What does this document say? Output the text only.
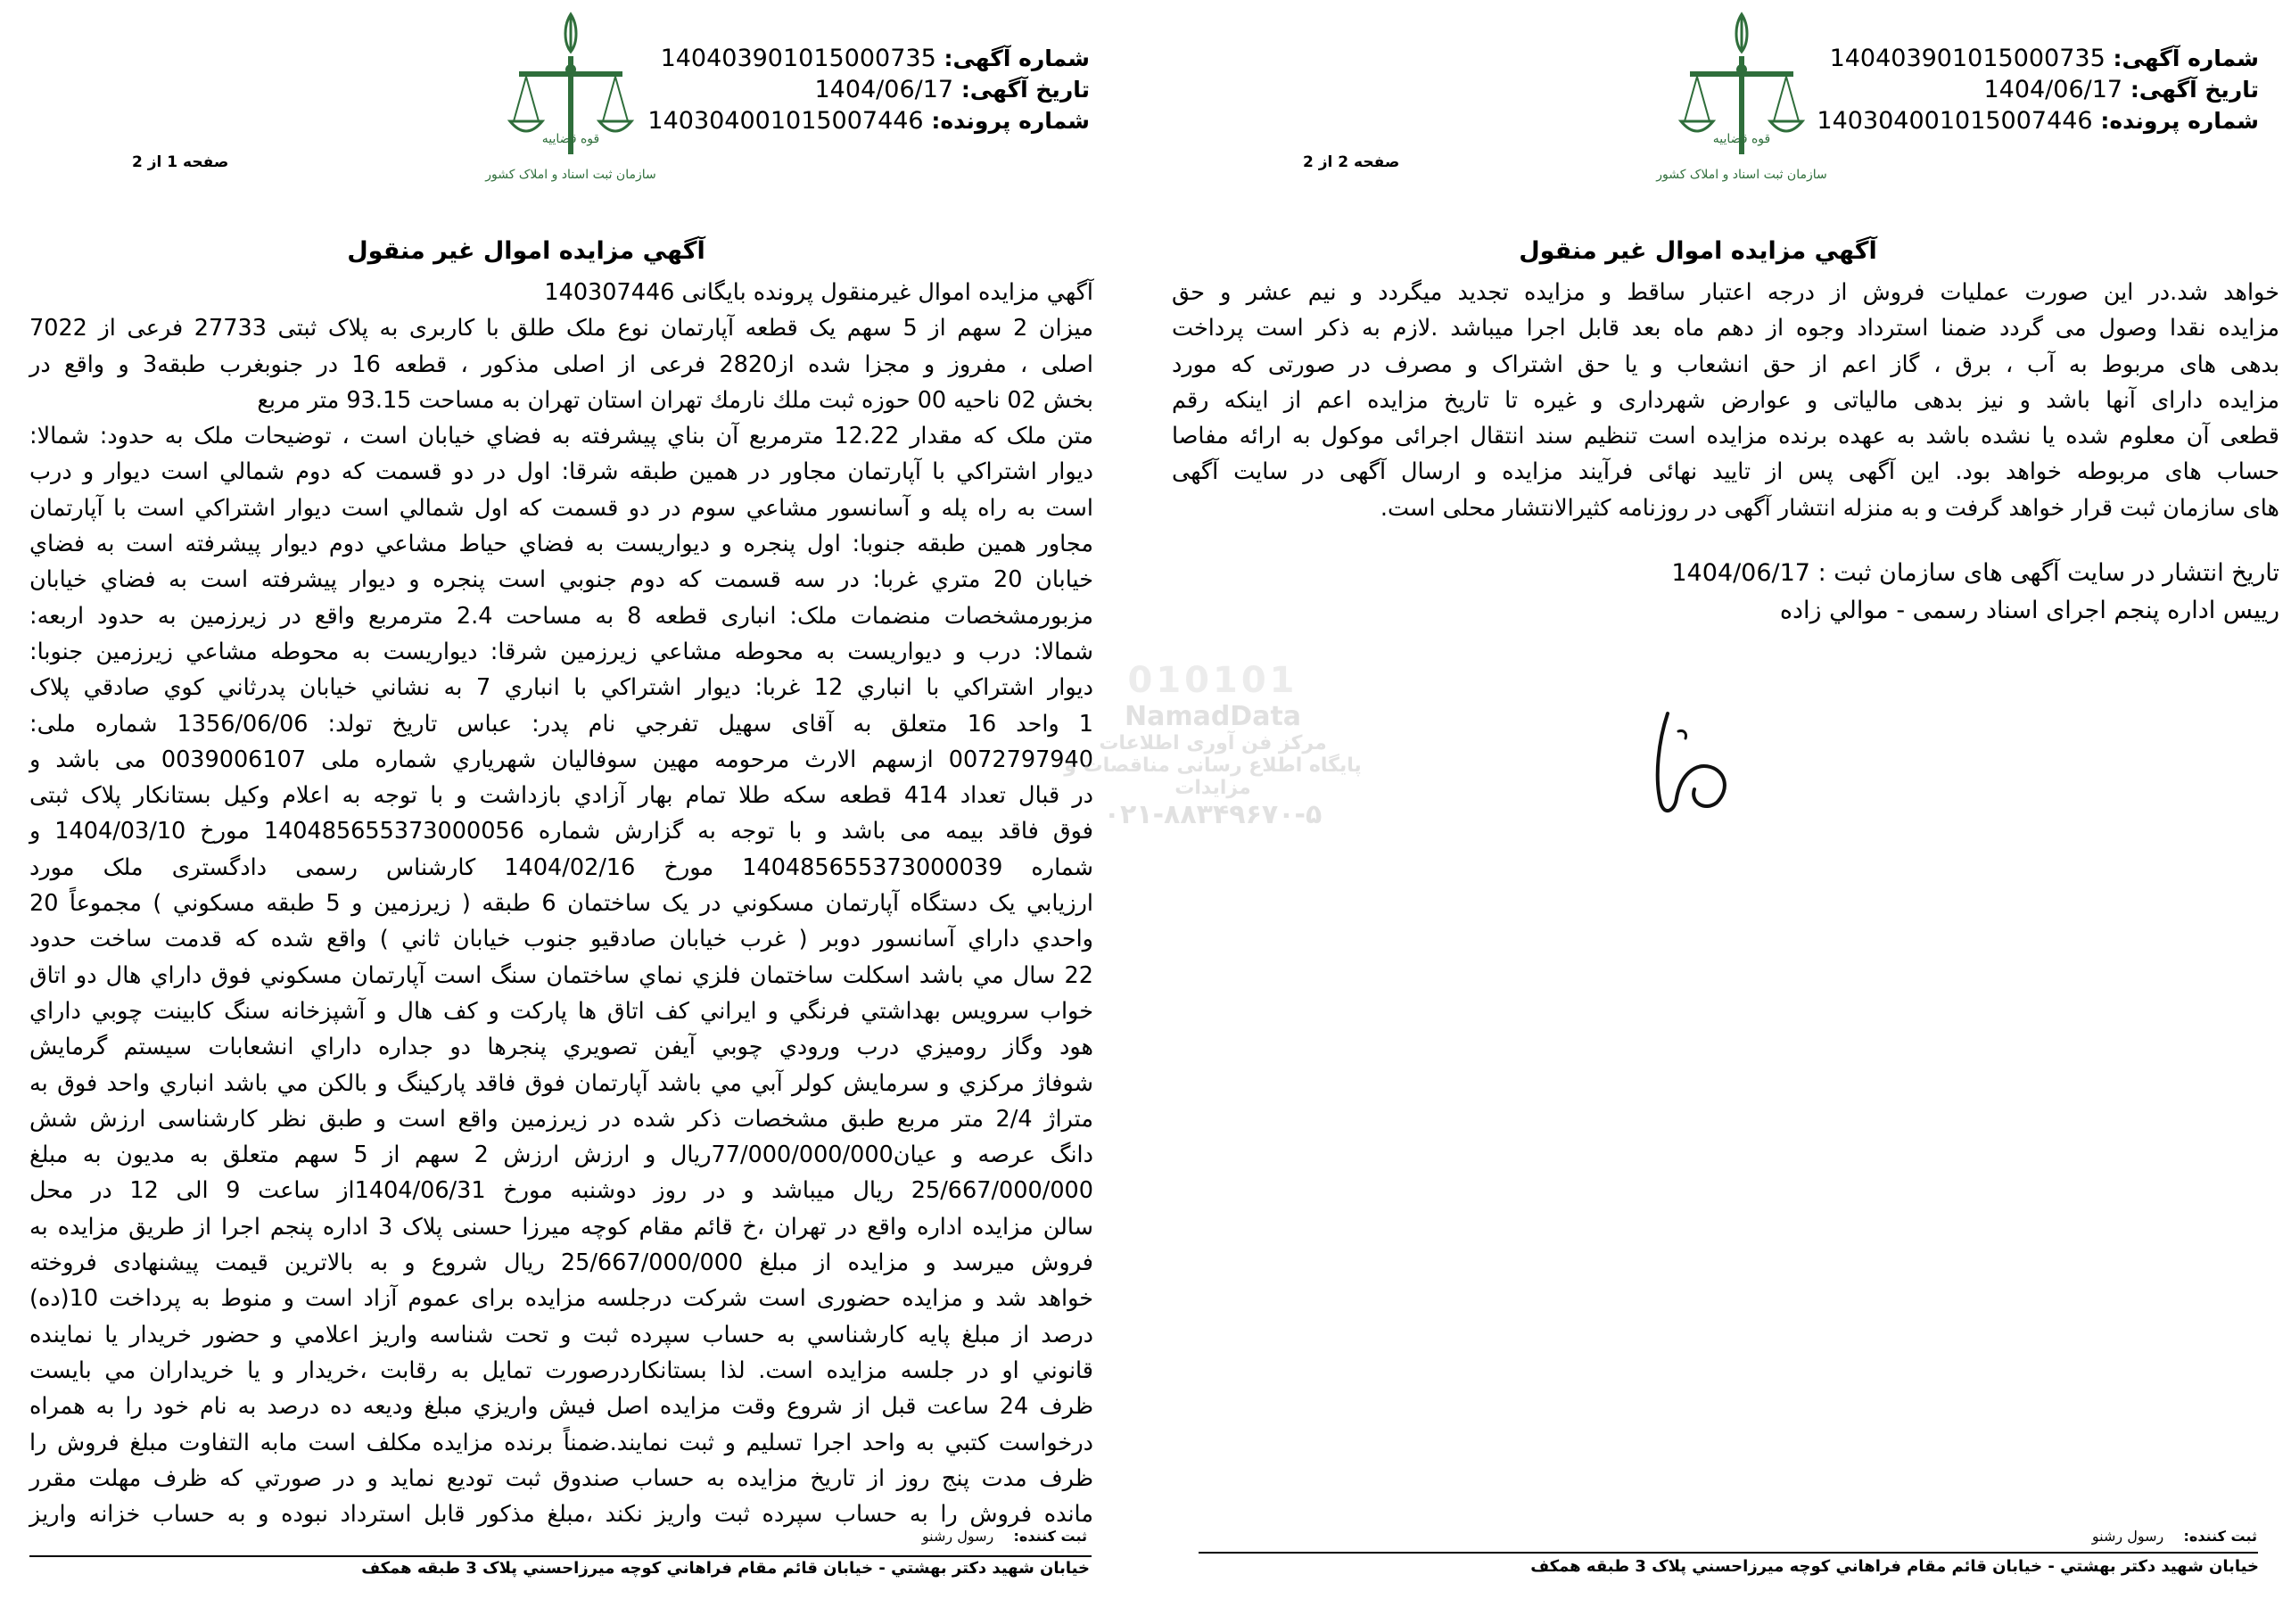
شماره آگهی: 140403901015000735
تاریخ آگهی: 1404/06/17
شماره پرونده: 140304001015007446
قوه قضاییه
سازمان ثبت اسناد و املاک کشور
صفحه 1 از 2
آگهي مزايده اموال غير منقول
آگهي مزايده اموال غيرمنقول پرونده بايگانی 140307446
ميزان 2 سهم از 5 سهم يک قطعه آپارتمان نوع ملک طلق با کاربری به پلاک ثبتی 27733 فرعی از 7022
اصلی ، مفروز و مجزا شده از2820 فرعی از اصلی مذکور ، قطعه 16 در جنوبغرب طبقه3 و واقع در
بخش 02 ناحيه 00 حوزه ثبت ملك نارمك تهران استان تهران به مساحت 93.15 متر مربع
متن ملک که مقدار 12.22 مترمربع آن بناي پيشرفته به فضاي خيابان است ، توضيحات ملک به حدود: شمالا:
ديوار اشتراكي با آپارتمان مجاور در همين طبقه شرقا: اول در دو قسمت كه دوم شمالي است ديوار و درب
است به راه پله و آسانسور مشاعي سوم در دو قسمت كه اول شمالي است ديوار اشتراكي است با آپارتمان
مجاور همين طبقه جنوبا: اول پنجره و ديواريست به فضاي حياط مشاعي دوم ديوار پيشرفته است به فضاي
خيابان 20 متري غربا: در سه قسمت كه دوم جنوبي است پنجره و ديوار پيشرفته است به فضاي خيابان
مزبورمشخصات منضمات ملک: انباری قطعه 8 به مساحت 2.4 مترمربع واقع در زيرزمين به حدود اربعه:
شمالا: درب و ديواريست به محوطه مشاعي زيرزمين شرقا: ديواريست به محوطه مشاعي زيرزمين جنوبا:
ديوار اشتراكي با انباري 12 غربا: ديوار اشتراكي با انباري 7 به نشاني خيابان پدرثاني كوي صادقي پلاک
1 واحد 16 متعلق به آقای سهيل تفرجي نام پدر: عباس تاريخ تولد: 1356/06/06 شماره ملی:
0072797940 ازسهم الارث مرحومه مهين سوفاليان شهرياري شماره ملی 0039006107 می باشد و
در قبال تعداد 414 قطعه سكه طلا تمام بهار آزادي بازداشت و با توجه به اعلام وكيل بستانكار پلاک ثبتی
فوق فاقد بيمه می باشد و با توجه به گزارش شماره 140485655373000056 مورخ 1404/03/10 و
شماره 140485655373000039 مورخ 1404/02/16 كارشناس رسمی دادگستری ملک مورد
ارزيابي يک دستگاه آپارتمان مسكوني در يک ساختمان 6 طبقه ( زيرزمين و 5 طبقه مسكوني ) مجموعاً 20
واحدي داراي آسانسور دوبر ( غرب خيابان صادقيو جنوب خيابان ثاني ) واقع شده كه قدمت ساخت حدود
22 سال مي باشد اسكلت ساختمان فلزي نماي ساختمان سنگ است آپارتمان مسكوني فوق داراي هال دو اتاق
خواب سرويس بهداشتي فرنگي و ايراني كف اتاق ها پاركت و كف هال و آشپزخانه سنگ كابينت چوبي داراي
هود وگاز روميزي درب ورودي چوبي آيفن تصويري پنجرها دو جداره داراي انشعابات سيستم گرمايش
شوفاژ مركزي و سرمايش كولر آبي مي باشد آپارتمان فوق فاقد پاركينگ و بالكن مي باشد انباري واحد فوق به
متراژ 2/4 متر مربع طبق مشخصات ذكر شده در زيرزمين واقع است و طبق نظر كارشناسی ارزش شش
دانگ عرصه و عيان77/000/000/000ريال و ارزش ارزش 2 سهم از 5 سهم متعلق به مديون به مبلغ
25/667/000/000 ريال ميباشد و در روز دوشنبه مورخ 1404/06/31از ساعت 9 الی 12 در محل
سالن مزايده اداره واقع در تهران ،خ قائم مقام كوچه ميرزا حسنی پلاک 3 اداره پنجم اجرا از طريق مزايده به
فروش ميرسد و مزايده از مبلغ 25/667/000/000 ريال شروع و به بالاترين قيمت پيشنهادی فروخته
خواهد شد و مزايده حضوری است شركت درجلسه مزايده برای عموم آزاد است و منوط به پرداخت 10(ده)
درصد از مبلغ پايه كارشناسي به حساب سپرده ثبت و تحت شناسه واريز اعلامي و حضور خريدار يا نماينده
قانوني او در جلسه مزايده است. لذا بستانكاردرصورت تمايل به رقابت ،خريدار و يا خريداران مي بايست
ظرف 24 ساعت قبل از شروع وقت مزايده اصل فيش واريزي مبلغ وديعه ده درصد به نام خود را به همراه
درخواست كتبي به واحد اجرا تسليم و ثبت نمايند.ضمناً برنده مزايده مكلف است مابه التفاوت مبلغ فروش را
ظرف مدت پنج روز از تاريخ مزايده به حساب صندوق ثبت توديع نمايد و در صورتي كه ظرف مهلت مقرر
مانده فروش را به حساب سپرده ثبت واريز نكند ،مبلغ مذكور قابل استرداد نبوده و به حساب خزانه واريز
ثبت کننده:    رسول رشنو
خيابان شهيد دكتر بهشتي - خيابان قائم مقام فراهاني كوچه ميرزاحسني پلاک 3 طبقه همكف
010101
NamadData
مرکز فن آوری اطلاعات
پایگاه اطلاع رسانی مناقصات و مزایدات
۰۲۱-۸۸۳۴۹۶۷۰-۵
شماره آگهی: 140403901015000735
تاریخ آگهی: 1404/06/17
شماره پرونده: 140304001015007446
قوه قضاییه
سازمان ثبت اسناد و املاک کشور
صفحه 2 از 2
آگهي مزايده اموال غير منقول
خواهد شد.در اين صورت عمليات فروش از درجه اعتبار ساقط و مزايده تجديد ميگردد و نيم عشر و حق
مزايده نقدا وصول می گردد ضمنا استرداد وجوه از دهم ماه بعد قابل اجرا ميباشد .لازم به ذکر است پرداخت
بدهی های مربوط به آب ، برق ، گاز اعم از حق انشعاب و يا حق اشتراک و مصرف در صورتی که مورد
مزايده دارای آنها باشد و نيز بدهی مالياتی و عوارض شهرداری و غيره تا تاريخ مزايده اعم از اينکه رقم
قطعی آن معلوم شده يا نشده باشد به عهده برنده مزايده است تنظيم سند انتقال اجرائی موکول به ارائه مفاصا
حساب های مربوطه خواهد بود. اين آگهی پس از تاييد نهائی فرآيند مزايده و ارسال آگهی در سايت آگهی
های سازمان ثبت قرار خواهد گرفت و به منزله انتشار آگهی در روزنامه کثيرالانتشار محلی است.
تاريخ انتشار در سايت آگهی های سازمان ثبت : 1404/06/17
رييس اداره پنجم اجرای اسناد رسمی - موالي زاده
ثبت کننده:    رسول رشنو
خيابان شهيد دكتر بهشتي - خيابان قائم مقام فراهاني كوچه ميرزاحسني پلاک 3 طبقه همكف
